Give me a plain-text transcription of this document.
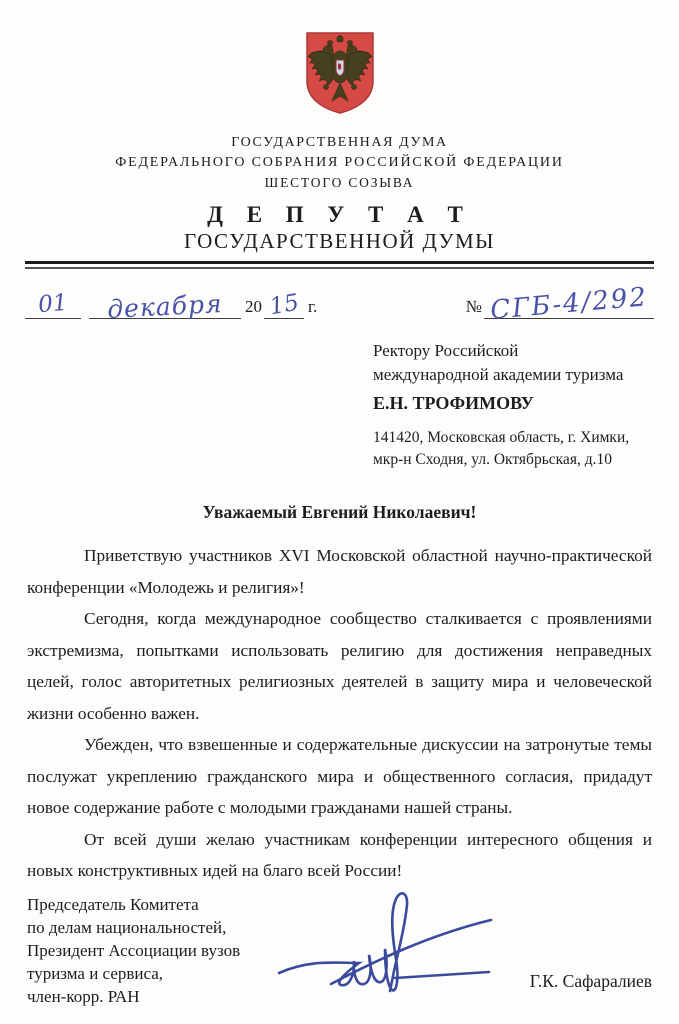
ГОСУДАРСТВЕННАЯ ДУМА
ФЕДЕРАЛЬНОГО СОБРАНИЯ РОССИЙСКОЙ ФЕДЕРАЦИИ
ШЕСТОГО СОЗЫВА
Д Е П У Т А Т
ГОСУДАРСТВЕННОЙ ДУМЫ
01	декабря	20 15 г.	№ СГБ-4/292
Ректору Российской
международной академии туризма
Е.Н. ТРОФИМОВУ
141420, Московская область, г. Химки,
мкр-н Сходня, ул. Октябрьская, д.10
Уважаемый Евгений Николаевич!

Приветствую участников XVI Московской областной научно-практической конференции «Молодежь и религия»!

Сегодня, когда международное сообщество сталкивается с проявлениями экстремизма, попытками использовать религию для достижения неправедных целей, голос авторитетных религиозных деятелей в защиту мира и человеческой жизни особенно важен.

Убежден, что взвешенные и содержательные дискуссии на затронутые темы послужат укреплению гражданского мира и общественного согласия, придадут новое содержание работе с молодыми гражданами нашей страны.

От всей души желаю участникам конференции интересного общения и новых конструктивных идей на благо всей России!

Председатель Комитета
по делам национальностей,
Президент Ассоциации вузов
туризма и сервиса,
член-корр. РАН
Г.К. Сафаралиев
